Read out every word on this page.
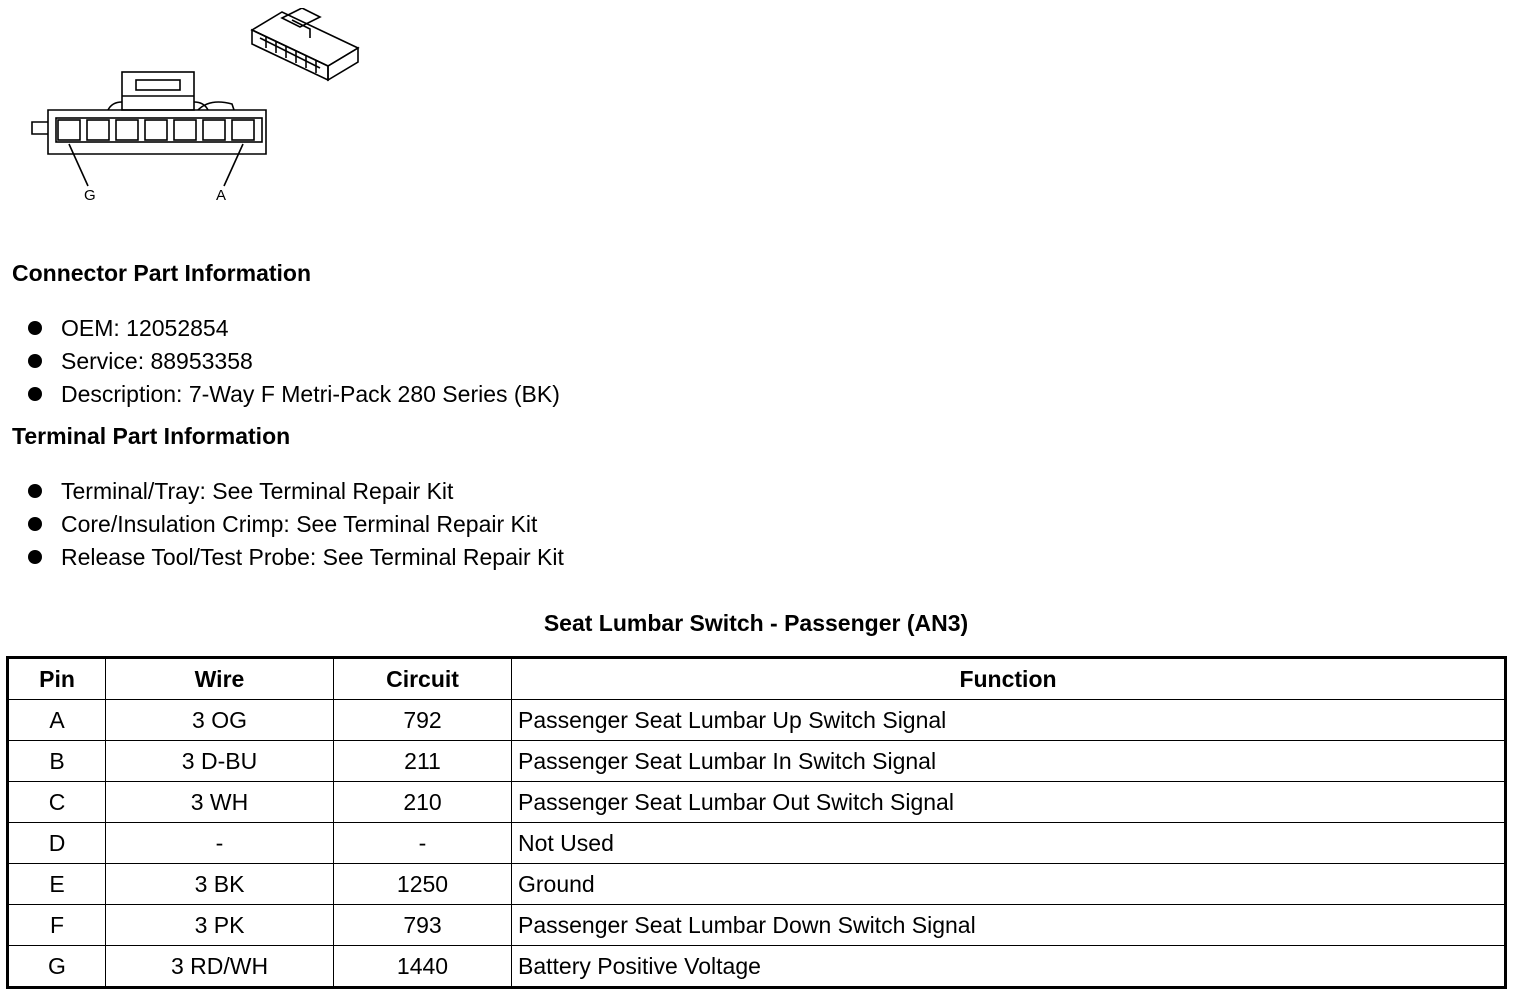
G	A
Connector Part Information
OEM: 12052854
Service: 88953358
Description: 7-Way F Metri-Pack 280 Series (BK)
Terminal Part Information
Terminal/Tray: See Terminal Repair Kit
Core/Insulation Crimp: See Terminal Repair Kit
Release Tool/Test Probe: See Terminal Repair Kit
Seat Lumbar Switch - Passenger (AN3)
Pin	Wire	Circuit	Function
A	3 OG	792	Passenger Seat Lumbar Up Switch Signal
B	3 D-BU	211	Passenger Seat Lumbar In Switch Signal
C	3 WH	210	Passenger Seat Lumbar Out Switch Signal
D	-	-	Not Used
E	3 BK	1250	Ground
F	3 PK	793	Passenger Seat Lumbar Down Switch Signal
G	3 RD/WH	1440	Battery Positive Voltage
